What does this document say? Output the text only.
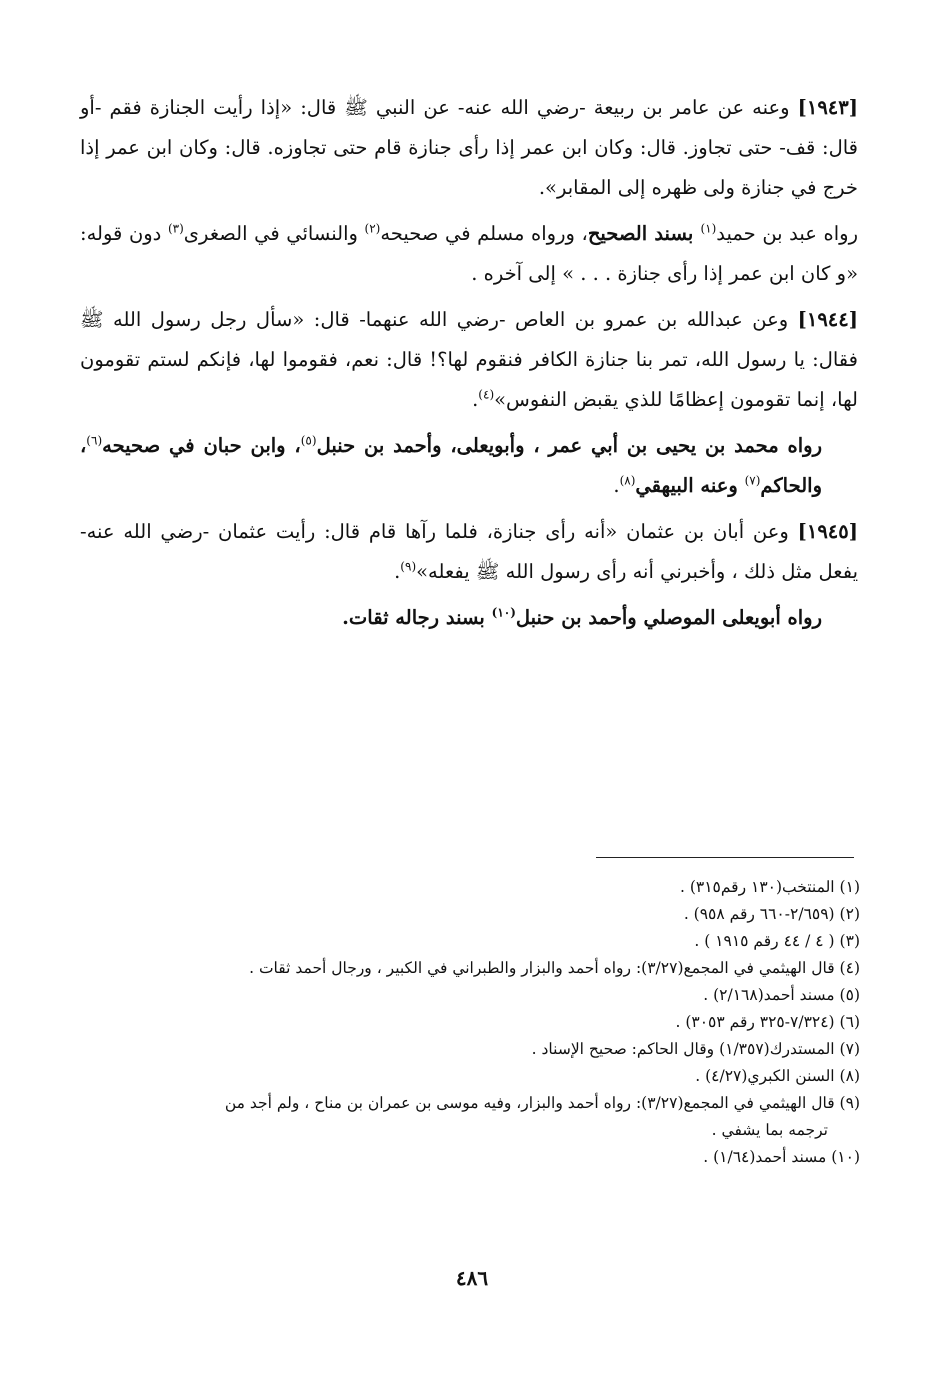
[١٩٤٣] وعنه عن عامر بن ربيعة -رضي الله عنه- عن النبي ﷺ قال: «إذا رأيت الجنازة فقم -أو قال: قف- حتى تجاوز. قال: وكان ابن عمر إذا رأى جنازة قام حتى تجاوزه. قال: وكان ابن عمر إذا خرج في جنازة ولى ظهره إلى المقابر».

رواه عبد بن حميد$^{(١)}$ بسند الصحيح، ورواه مسلم في صحيحه$^{(٢)}$ والنسائي في الصغرى$^{(٣)}$ دون قوله: «و كان ابن عمر إذا رأى جنازة . . . » إلى آخره .

[١٩٤٤] وعن عبدالله بن عمرو بن العاص -رضي الله عنهما- قال: «سأل رجل رسول الله ﷺ فقال: يا رسول الله، تمر بنا جنازة الكافر فنقوم لها؟! قال: نعم، فقوموا لها، فإنكم لستم تقومون لها، إنما تقومون إعظامًا للذي يقبض النفوس»$^{(٤)}$.

رواه محمد بن يحيى بن أبي عمر ، وأبويعلى، وأحمد بن حنبل$^{(٥)}$، وابن حبان في صحيحه$^{(٦)}$، والحاكم$^{(٧)}$ وعنه البيهقي$^{(٨)}$.

[١٩٤٥] وعن أبان بن عثمان «أنه رأى جنازة، فلما رآها قام قال: رأيت عثمان -رضي الله عنه- يفعل مثل ذلك ، وأخبرني أنه رأى رسول الله ﷺ يفعله»$^{(٩)}$.

رواه أبويعلى الموصلي وأحمد بن حنبل$^{(١٠)}$ بسند رجاله ثقات.

(١) المنتخب(١٣٠ رقم٣١٥) .

(٢) (٢/٦٥٩-٦٦٠ رقم ٩٥٨) .

(٣) ( ٤ / ٤٤ رقم ١٩١٥ ) .

(٤) قال الهيثمي في المجمع(٣/٢٧): رواه أحمد والبزار والطبراني في الكبير ، ورجال أحمد ثقات .

(٥) مسند أحمد(٢/١٦٨) .

(٦) (٧/٣٢٤-٣٢٥ رقم ٣٠٥٣) .

(٧) المستدرك(١/٣٥٧) وقال الحاكم: صحيح الإسناد .

(٨) السنن الكبري(٤/٢٧) .

(٩) قال الهيثمي في المجمع(٣/٢٧): رواه أحمد والبزار، وفيه موسى بن عمران بن مناح ، ولم أجد من

ترجمه بما يشفي .

(١٠) مسند أحمد(١/٦٤) .

٤٨٦
